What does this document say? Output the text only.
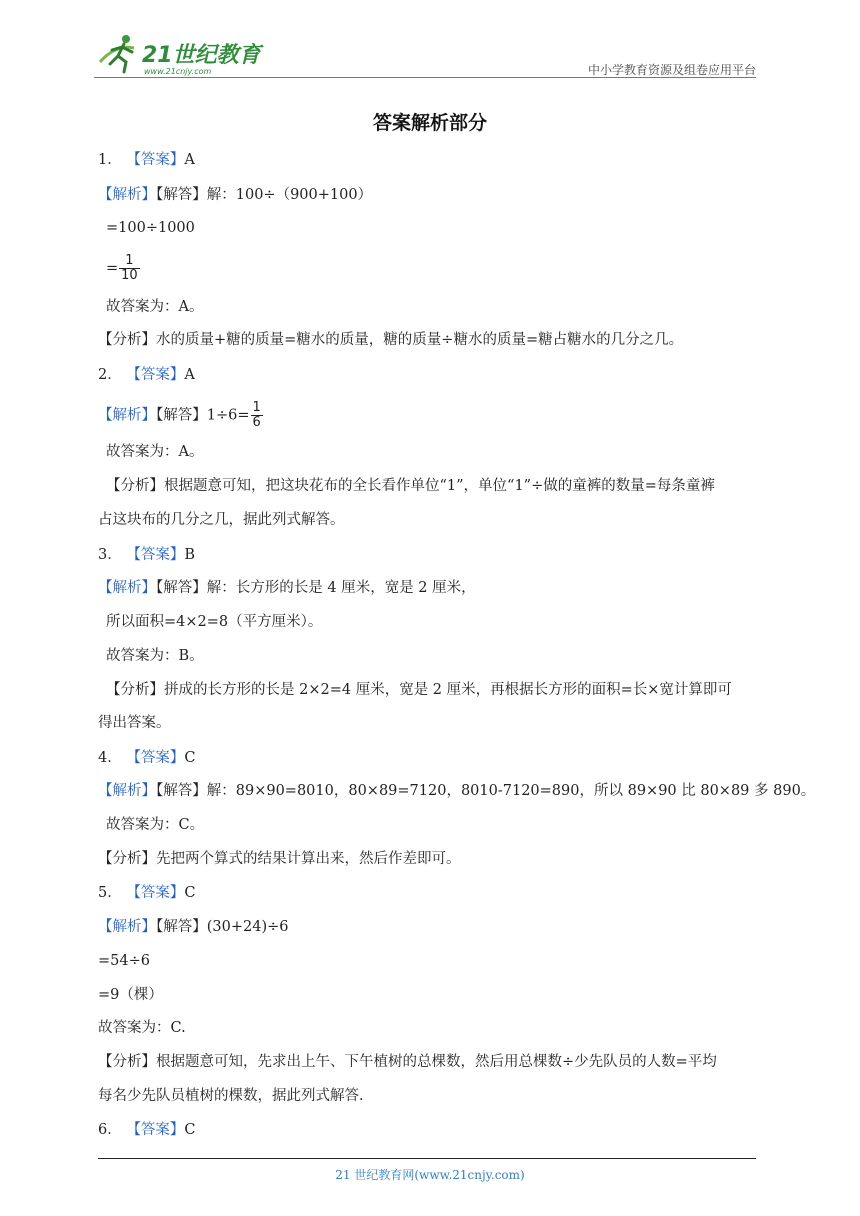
21世纪教育
www.21cnjy.com	中小学教育资源及组卷应用平台
答案解析部分
1． 【答案】A
【解析】【解答】解：100÷（900+100）
=100÷1000
= $\frac{1}{10}$
故答案为：A。
【分析】水的质量+糖的质量=糖水的质量，糖的质量÷糖水的质量=糖占糖水的几分之几。
2． 【答案】A
【解析】【解答】$1\div 6= \frac{1}{6}$
故答案为：A。
【分析】根据题意可知，把这块花布的全长看作单位“1”，单位“1”÷做的童裤的数量=每条童裤
占这块布的几分之几，据此列式解答。
3． 【答案】B
【解析】【解答】解：长方形的长是 4 厘米，宽是 2 厘米，
所以面积=4×2=8（平方厘米）。
故答案为：B。
【分析】拼成的长方形的长是 2×2=4 厘米，宽是 2 厘米，再根据长方形的面积=长×宽计算即可
得出答案。
4． 【答案】C
【解析】【解答】解：89×90=8010，80×89=7120，8010-7120=890，所以 89×90 比 80×89 多 890。
故答案为：C。
【分析】先把两个算式的结果计算出来，然后作差即可。
5． 【答案】C
【解析】【解答】(30+24)÷6
=54÷6
=9（棵）
故答案为：C.
【分析】根据题意可知，先求出上午、下午植树的总棵数，然后用总棵数÷少先队员的人数=平均
每名少先队员植树的棵数，据此列式解答.
6． 【答案】C
21 世纪教育网(www.21cnjy.com)
